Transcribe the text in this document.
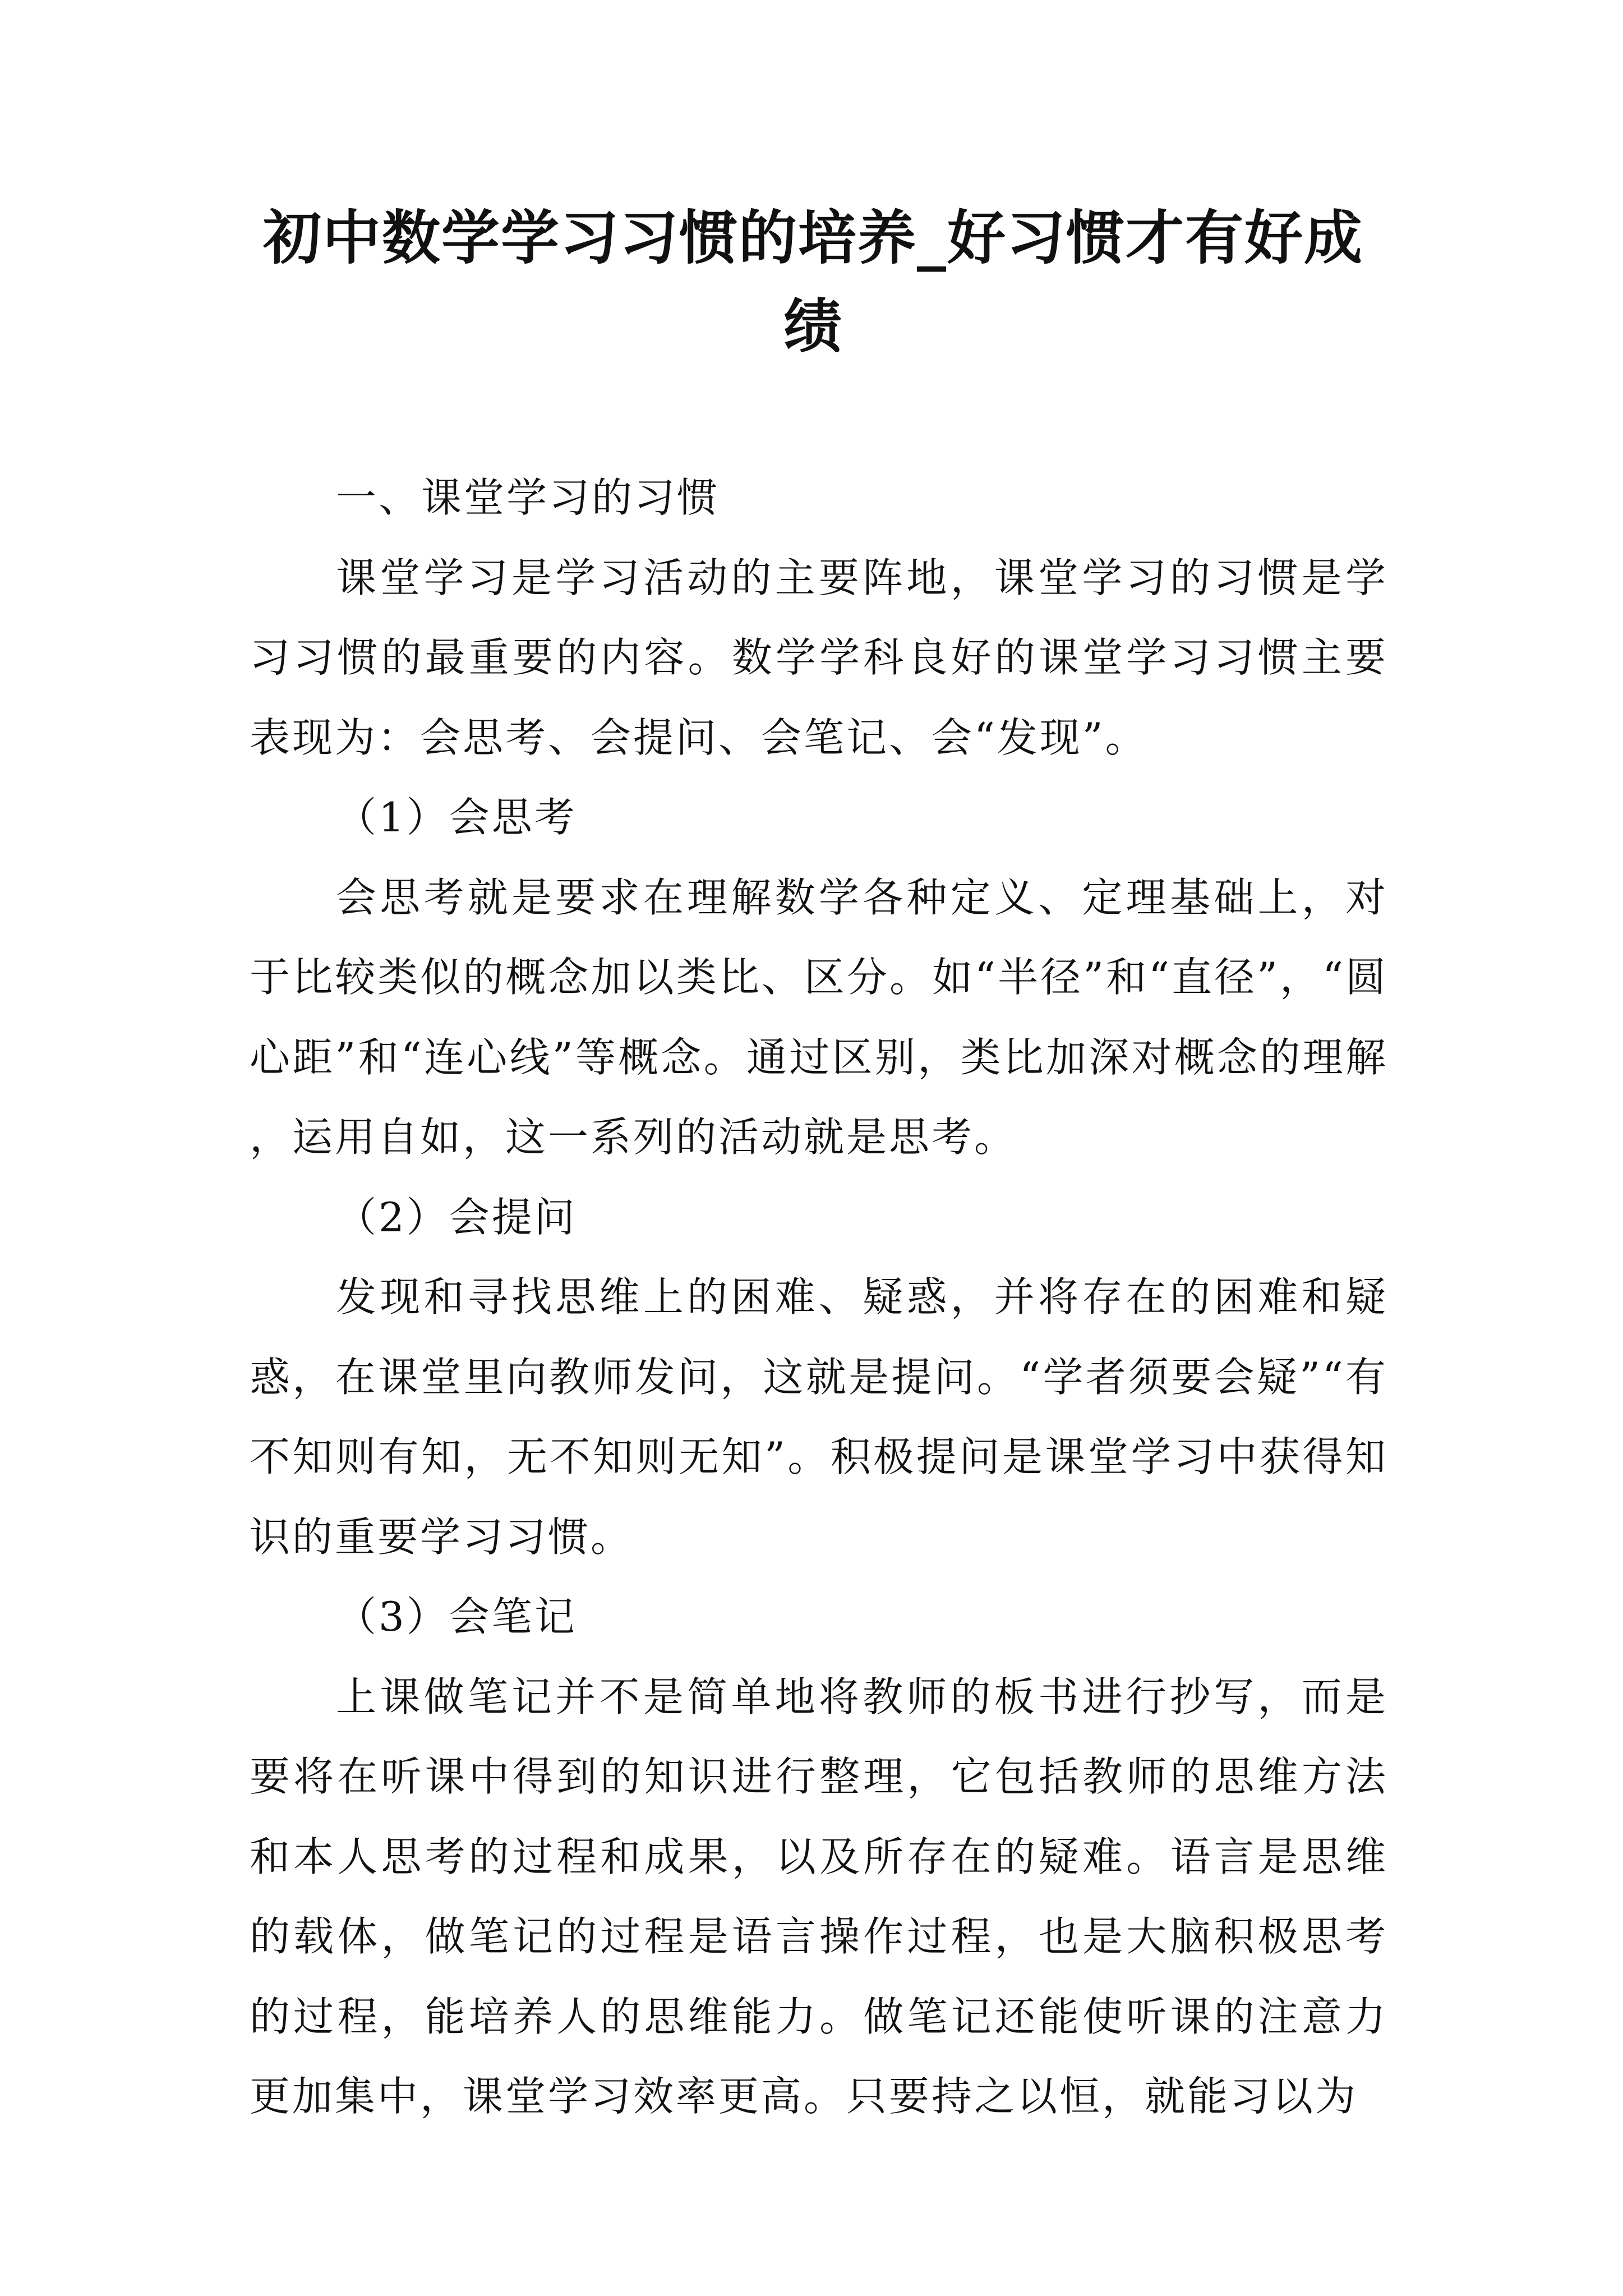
初中数学学习习惯的培养_好习惯才有好成绩

一、课堂学习的习惯

课堂学习是学习活动的主要阵地，课堂学习的习惯是学习习惯的最重要的内容。数学学科良好的课堂学习习惯主要表现为：会思考、会提问、会笔记、会“发现”。

（1）会思考

会思考就是要求在理解数学各种定义、定理基础上，对于比较类似的概念加以类比、区分。如“半径”和“直径”，“圆心距”和“连心线”等概念。通过区别，类比加深对概念的理解，运用自如，这一系列的活动就是思考。

（2）会提问

发现和寻找思维上的困难、疑惑，并将存在的困难和疑惑，在课堂里向教师发问，这就是提问。“学者须要会疑”“有不知则有知，无不知则无知”。积极提问是课堂学习中获得知识的重要学习习惯。

（3）会笔记

上课做笔记并不是简单地将教师的板书进行抄写，而是要将在听课中得到的知识进行整理，它包括教师的思维方法和本人思考的过程和成果，以及所存在的疑难。语言是思维的载体，做笔记的过程是语言操作过程，也是大脑积极思考的过程，能培养人的思维能力。做笔记还能使听课的注意力更加集中，课堂学习效率更高。只要持之以恒，就能习以为
